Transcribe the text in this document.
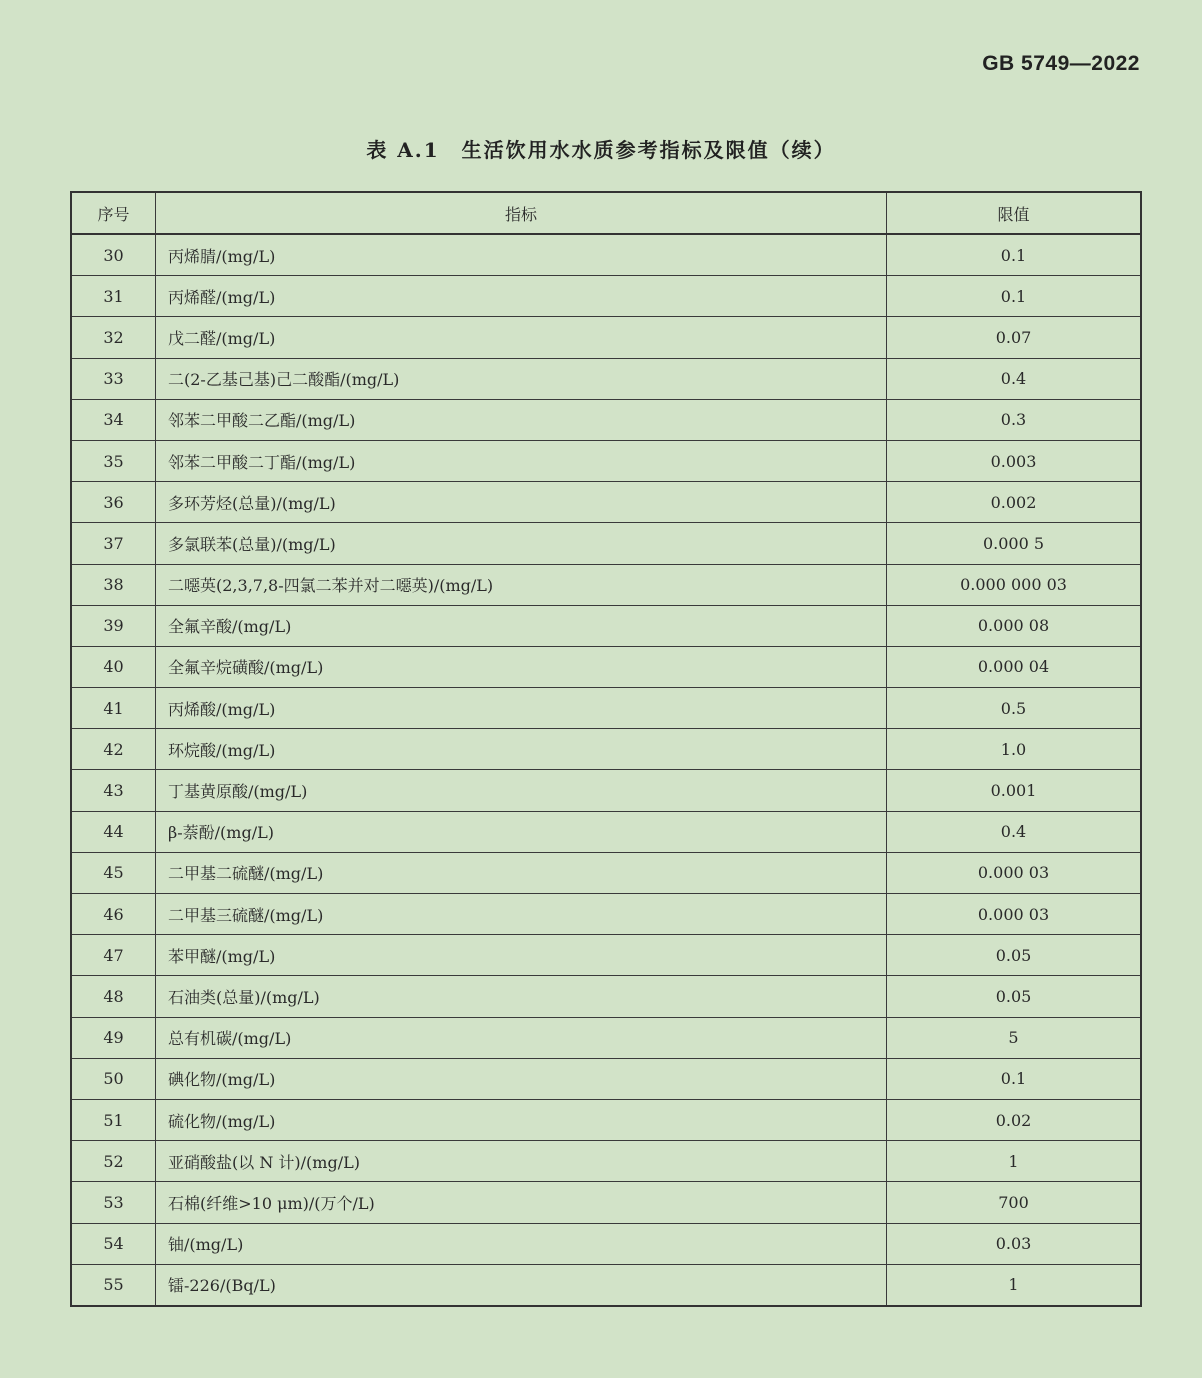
GB 5749—2022
表 A.1　生活饮用水水质参考指标及限值（续）
序号	指标	限值
30	丙烯腈/(mg/L)	0.1
31	丙烯醛/(mg/L)	0.1
32	戊二醛/(mg/L)	0.07
33	二(2-乙基己基)己二酸酯/(mg/L)	0.4
34	邻苯二甲酸二乙酯/(mg/L)	0.3
35	邻苯二甲酸二丁酯/(mg/L)	0.003
36	多环芳烃(总量)/(mg/L)	0.002
37	多氯联苯(总量)/(mg/L)	0.000 5
38	二噁英(2,3,7,8-四氯二苯并对二噁英)/(mg/L)	0.000 000 03
39	全氟辛酸/(mg/L)	0.000 08
40	全氟辛烷磺酸/(mg/L)	0.000 04
41	丙烯酸/(mg/L)	0.5
42	环烷酸/(mg/L)	1.0
43	丁基黄原酸/(mg/L)	0.001
44	β-萘酚/(mg/L)	0.4
45	二甲基二硫醚/(mg/L)	0.000 03
46	二甲基三硫醚/(mg/L)	0.000 03
47	苯甲醚/(mg/L)	0.05
48	石油类(总量)/(mg/L)	0.05
49	总有机碳/(mg/L)	5
50	碘化物/(mg/L)	0.1
51	硫化物/(mg/L)	0.02
52	亚硝酸盐(以 N 计)/(mg/L)	1
53	石棉(纤维>10 μm)/(万个/L)	700
54	铀/(mg/L)	0.03
55	镭-226/(Bq/L)	1
